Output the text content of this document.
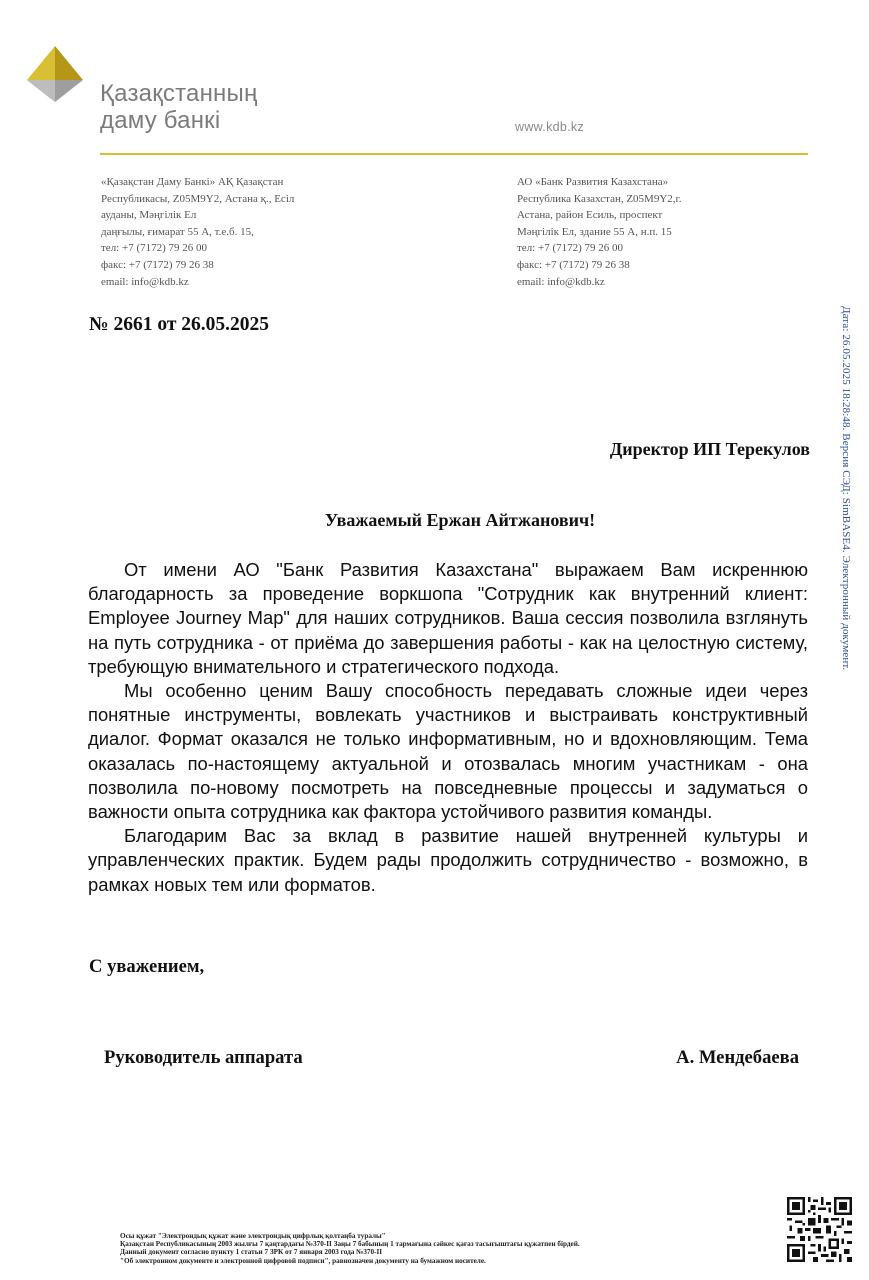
Қазақстанның
даму банкі	www.kdb.kz
«Қазақстан Даму Банкі» АҚ Қазақстан
Республикасы, Z05M9Y2, Астана қ., Есіл
ауданы, Мәңгілік Ел
даңғылы, ғимарат 55 А, т.е.б. 15,
тел: +7 (7172) 79 26 00
факс: +7 (7172) 79 26 38
email: info@kdb.kz
АО «Банк Развития Казахстана»
Республика Казахстан, Z05M9Y2,г.
Астана, район Есиль, проспект
Мәңгілік Ел, здание 55 А, н.п. 15
тел: +7 (7172) 79 26 00
факс: +7 (7172) 79 26 38
email: info@kdb.kz
№ 2661 от 26.05.2025
Директор ИП Терекулов
Уважаемый Ержан Айтжанович!

От имени АО "Банк Развития Казахстана" выражаем Вам искреннюю благодарность за проведение воркшопа "Сотрудник как внутренний клиент: Employee Journey Map" для наших сотрудников. Ваша сессия позволила взглянуть на путь сотрудника - от приёма до завершения работы - как на целостную систему, требующую внимательного и стратегического подхода.

Мы особенно ценим Вашу способность передавать сложные идеи через понятные инструменты, вовлекать участников и выстраивать конструктивный диалог. Формат оказался не только информативным, но и вдохновляющим. Тема оказалась по-настоящему актуальной и отозвалась многим участникам - она позволила по-новому посмотреть на повседневные процессы и задуматься о важности опыта сотрудника как фактора устойчивого развития команды.

Благодарим Вас за вклад в развитие нашей внутренней культуры и управленческих практик. Будем рады продолжить сотрудничество - возможно, в рамках новых тем или форматов.

С уважением,
Руководитель аппарата	А. Мендебаева
Дата: 26.05.2025 18:28:48. Версия СЭД: SimBASE4. Электронный документ.
Осы құжат "Электрондық құжат және электрондық цифрлық қолтаңба туралы"
Қазақстан Республикасының 2003 жылғы 7 қаңтардағы №370-II Заңы 7 бабының 1 тармағына сәйкес қағаз тасығыштағы құжатпен бірдей.
Данный документ согласно пункту 1 статьи 7 ЗРК от 7 января 2003 года №370-II
"Об электронном документе и электронной цифровой подписи", равнозначен документу на бумажном носителе.
